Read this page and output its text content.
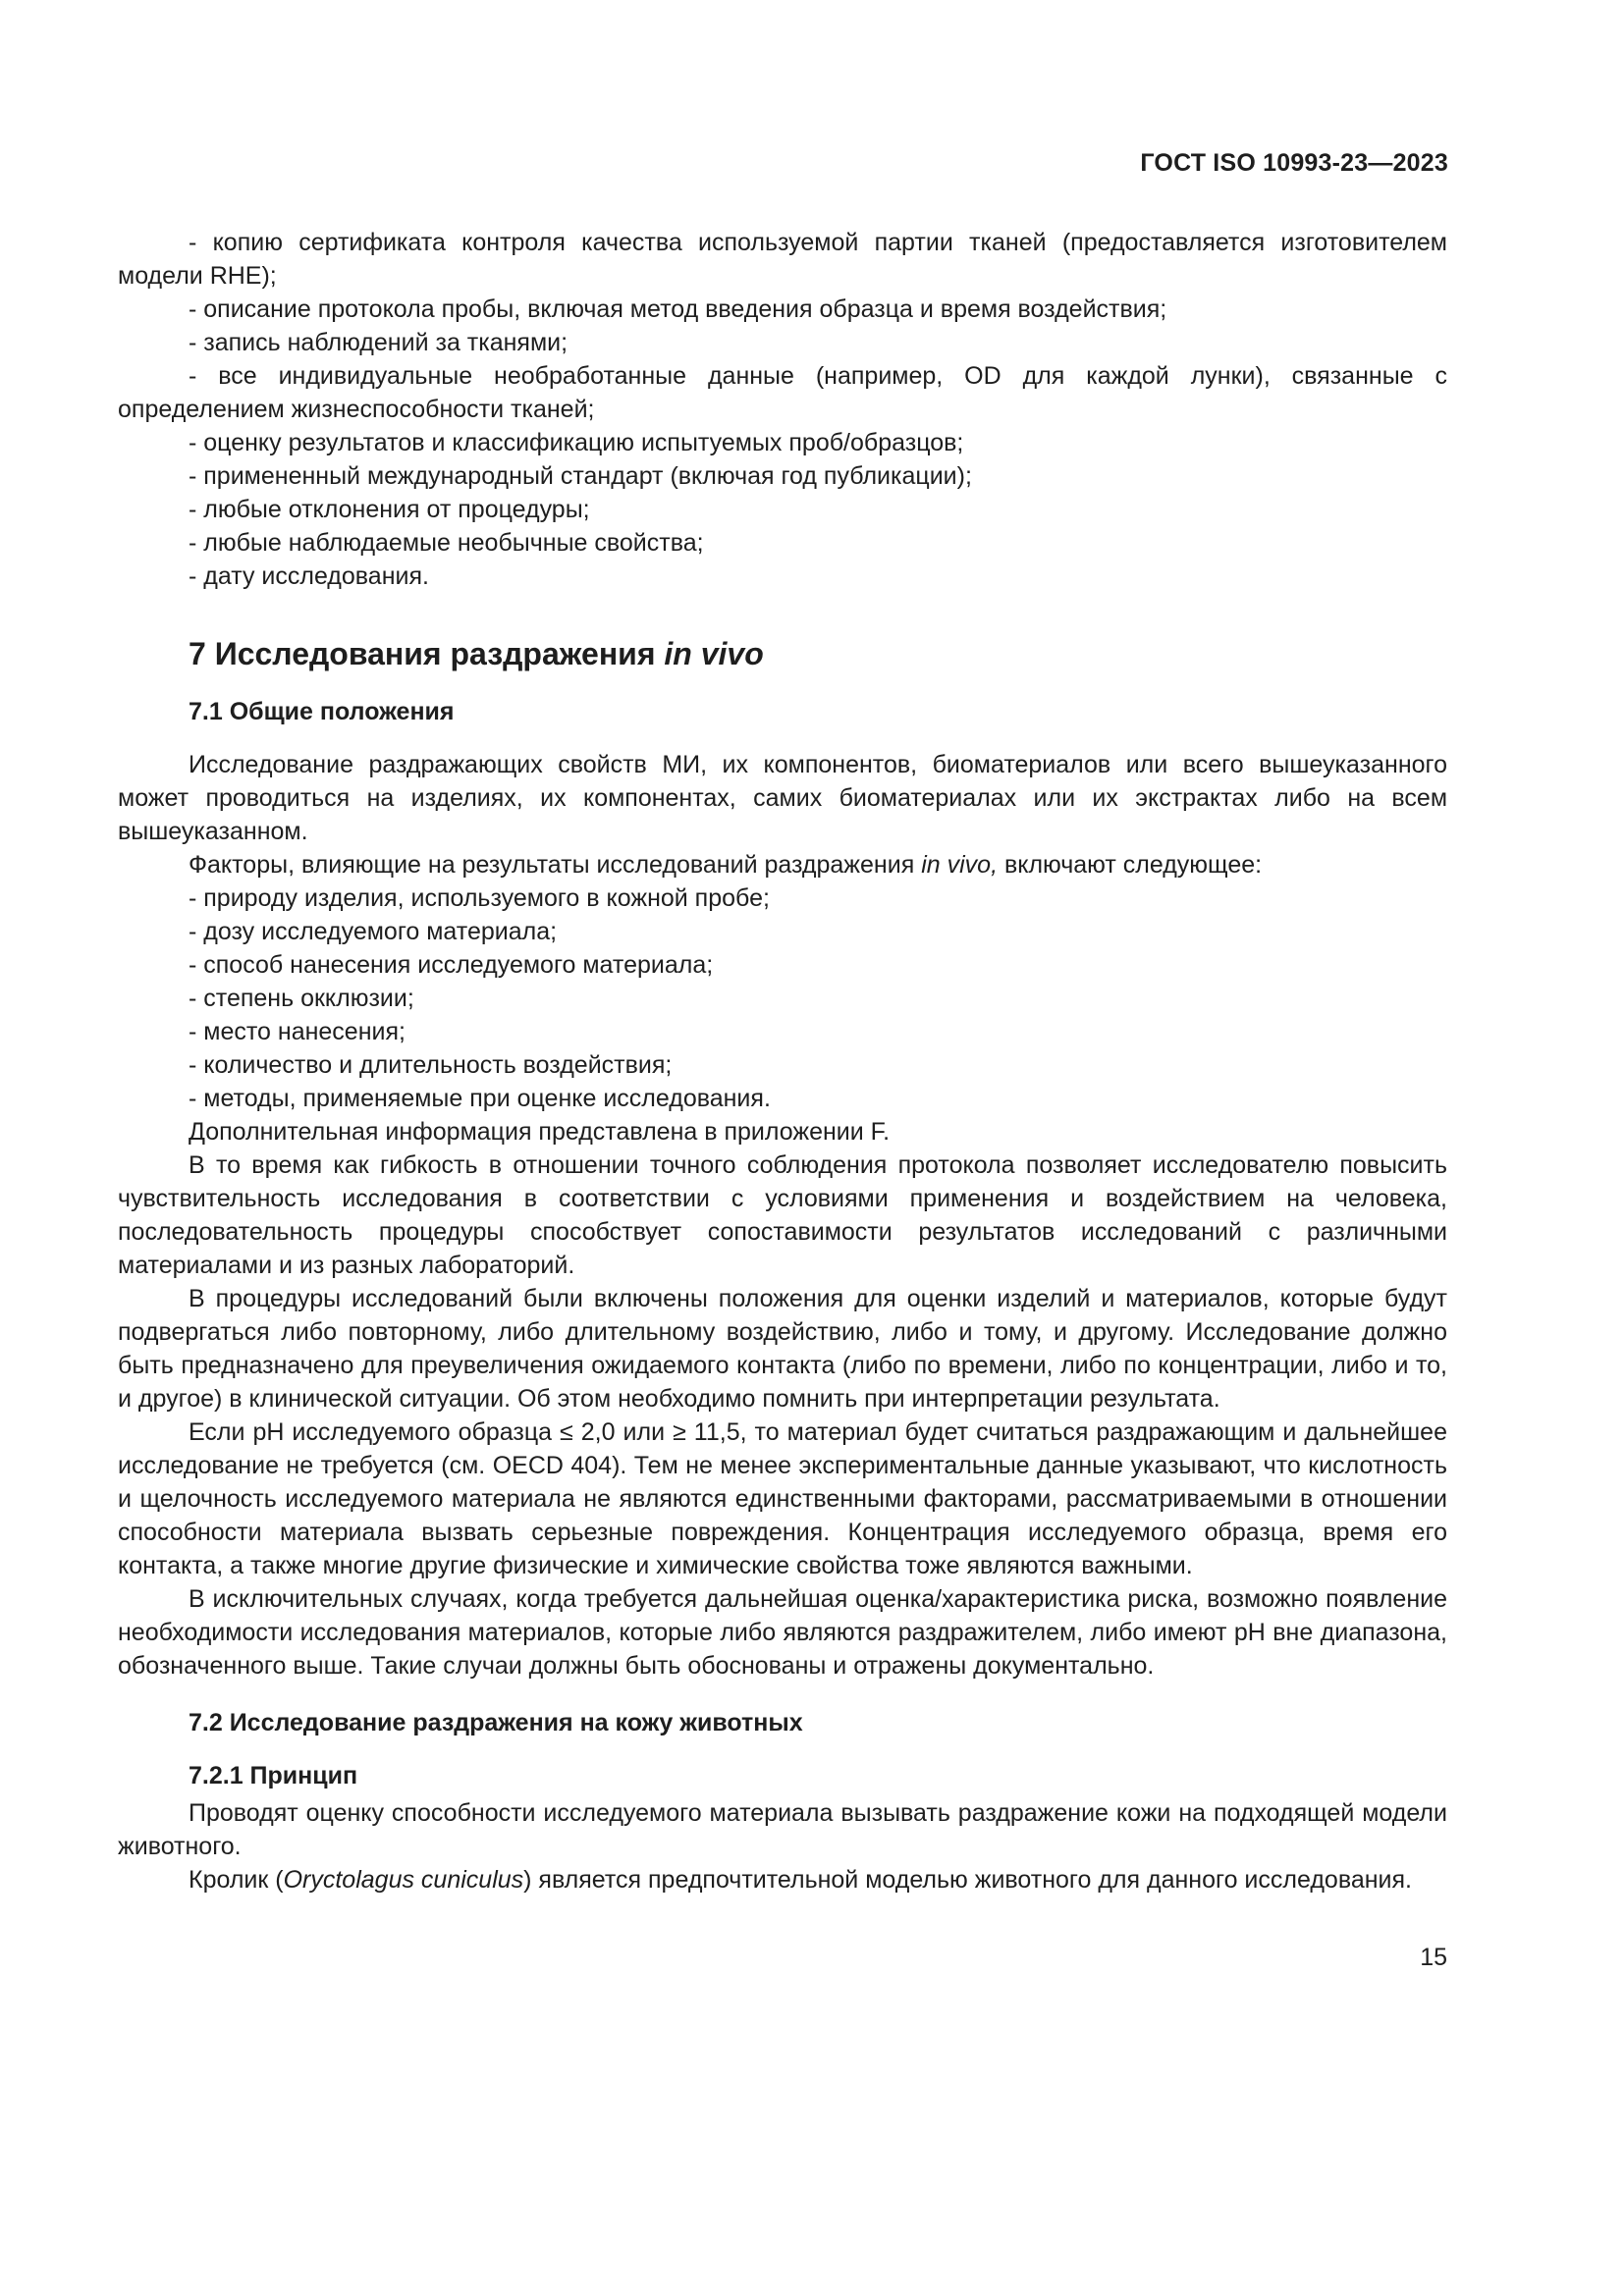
ГОСТ ISO 10993-23—2023

- копию сертификата контроля качества используемой партии тканей (предоставляется изготовителем модели RHE);

- описание протокола пробы, включая метод введения образца и время воздействия;

- запись наблюдений за тканями;

- все индивидуальные необработанные данные (например, OD для каждой лунки), связанные с определением жизнеспособности тканей;

- оценку результатов и классификацию испытуемых проб/образцов;

- примененный международный стандарт (включая год публикации);

- любые отклонения от процедуры;

- любые наблюдаемые необычные свойства;

- дату исследования.

7 Исследования раздражения in vivo
7.1 Общие положения

Исследование раздражающих свойств МИ, их компонентов, биоматериалов или всего вышеуказанного может проводиться на изделиях, их компонентах, самих биоматериалах или их экстрактах либо на всем вышеуказанном.

Факторы, влияющие на результаты исследований раздражения in vivo, включают следующее:

- природу изделия, используемого в кожной пробе;

- дозу исследуемого материала;

- способ нанесения исследуемого материала;

- степень окклюзии;

- место нанесения;

- количество и длительность воздействия;

- методы, применяемые при оценке исследования.

Дополнительная информация представлена в приложении F.

В то время как гибкость в отношении точного соблюдения протокола позволяет исследователю повысить чувствительность исследования в соответствии с условиями применения и воздействием на человека, последовательность процедуры способствует сопоставимости результатов исследований с различными материалами и из разных лабораторий.

В процедуры исследований были включены положения для оценки изделий и материалов, которые будут подвергаться либо повторному, либо длительному воздействию, либо и тому, и другому. Исследование должно быть предназначено для преувеличения ожидаемого контакта (либо по времени, либо по концентрации, либо и то, и другое) в клинической ситуации. Об этом необходимо помнить при интерпретации результата.

Если pH исследуемого образца ≤ 2,0 или ≥ 11,5, то материал будет считаться раздражающим и дальнейшее исследование не требуется (см. OECD 404). Тем не менее экспериментальные данные указывают, что кислотность и щелочность исследуемого материала не являются единственными факторами, рассматриваемыми в отношении способности материала вызвать серьезные повреждения. Концентрация исследуемого образца, время его контакта, а также многие другие физические и химические свойства тоже являются важными.

В исключительных случаях, когда требуется дальнейшая оценка/характеристика риска, возможно появление необходимости исследования материалов, которые либо являются раздражителем, либо имеют pH вне диапазона, обозначенного выше. Такие случаи должны быть обоснованы и отражены документально.

7.2 Исследование раздражения на кожу животных
7.2.1 Принцип

Проводят оценку способности исследуемого материала вызывать раздражение кожи на подходящей модели животного.

Кролик (Oryctolagus cuniculus) является предпочтительной моделью животного для данного исследования.

15
